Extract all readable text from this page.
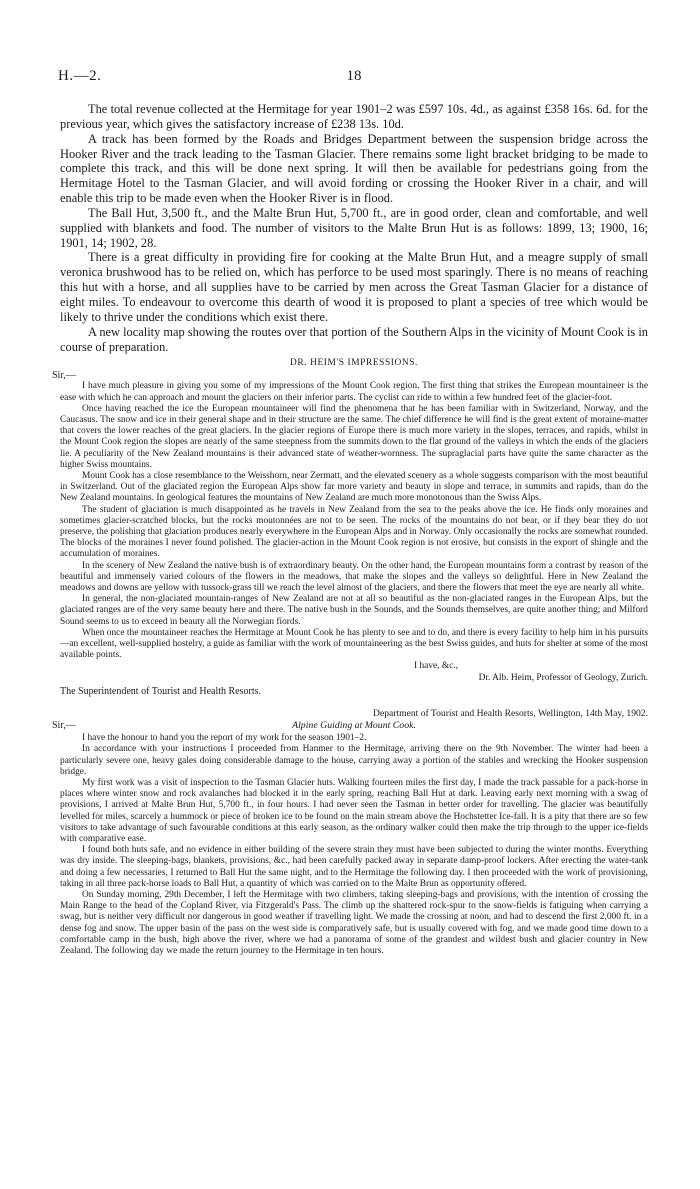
H.—2.	18

The total revenue collected at the Hermitage for year 1901–2 was £597 10s. 4d., as against £358 16s. 6d. for the previous year, which gives the satisfactory increase of £238 13s. 10d.

A track has been formed by the Roads and Bridges Department between the suspension bridge across the Hooker River and the track leading to the Tasman Glacier. There remains some light bracket bridging to be made to complete this track, and this will be done next spring. It will then be available for pedestrians going from the Hermitage Hotel to the Tasman Glacier, and will avoid fording or crossing the Hooker River in a chair, and will enable this trip to be made even when the Hooker River is in flood.

The Ball Hut, 3,500 ft., and the Malte Brun Hut, 5,700 ft., are in good order, clean and comfortable, and well supplied with blankets and food. The number of visitors to the Malte Brun Hut is as follows: 1899, 13; 1900, 16; 1901, 14; 1902, 28.

There is a great difficulty in providing fire for cooking at the Malte Brun Hut, and a meagre supply of small veronica brushwood has to be relied on, which has perforce to be used most sparingly. There is no means of reaching this hut with a horse, and all supplies have to be carried by men across the Great Tasman Glacier for a distance of eight miles. To endeavour to overcome this dearth of wood it is proposed to plant a species of tree which would be likely to thrive under the conditions which exist there.

A new locality map showing the routes over that portion of the Southern Alps in the vicinity of Mount Cook is in course of preparation.

DR. HEIM'S IMPRESSIONS.
Sir,—

I have much pleasure in giving you some of my impressions of the Mount Cook region. The first thing that strikes the European mountaineer is the ease with which he can approach and mount the glaciers on their inferior parts. The cyclist can ride to within a few hundred feet of the glacier-foot.

Once having reached the ice the European mountaineer will find the phenomena that he has been familiar with in Switzerland, Norway, and the Caucasus. The snow and ice in their general shape and in their structure are the same. The chief difference he will find is the great extent of moraine-matter that covers the lower reaches of the great glaciers. In the glacier regions of Europe there is much more variety in the slopes, terraces, and rapids, whilst in the Mount Cook region the slopes are nearly of the same steepness from the summits down to the flat ground of the valleys in which the ends of the glaciers lie. A peculiarity of the New Zealand mountains is their advanced state of weather-wornness. The supraglacial parts have quite the same character as the higher Swiss mountains.

Mount Cook has a close resemblance to the Weisshorn, near Zermatt, and the elevated scenery as a whole suggests comparison with the most beautiful in Switzerland. Out of the glaciated region the European Alps show far more variety and beauty in slope and terrace, in summits and rapids, than do the New Zealand mountains. In geological features the mountains of New Zealand are much more monotonous than the Swiss Alps.

The student of glaciation is much disappointed as he travels in New Zealand from the sea to the peaks above the ice. He finds only moraines and sometimes glacier-scratched blocks, but the rocks moutonnées are not to be seen. The rocks of the mountains do not bear, or if they bear they do not preserve, the polishing that glaciation produces nearly everywhere in the European Alps and in Norway. Only occasionally the rocks are somewhat rounded. The blocks of the moraines I never found polished. The glacier-action in the Mount Cook region is not erosive, but consists in the export of shingle and the accumulation of moraines.

In the scenery of New Zealand the native bush is of extraordinary beauty. On the other hand, the European mountains form a contrast by reason of the beautiful and immensely varied colours of the flowers in the meadows, that make the slopes and the valleys so delightful. Here in New Zealand the meadows and downs are yellow with tussock-grass till we reach the level almost of the glaciers, and there the flowers that meet the eye are nearly all white.

In general, the non-glaciated mountain-ranges of New Zealand are not at all so beautiful as the non-glaciated ranges in the European Alps, but the glaciated ranges are of the very same beauty here and there. The native bush in the Sounds, and the Sounds themselves, are quite another thing; and Milford Sound seems to us to exceed in beauty all the Norwegian fiords.

When once the mountaineer reaches the Hermitage at Mount Cook he has plenty to see and to do, and there is every facility to help him in his pursuits—an excellent, well-supplied hostelry, a guide as familiar with the work of mountaineering as the best Swiss guides, and huts for shelter at some of the most available points.

I have, &c.,
Dr. Alb. Heim, Professor of Geology, Zurich.
The Superintendent of Tourist and Health Resorts.
Department of Tourist and Health Resorts, Wellington, 14th May, 1902.
Sir,—	Alpine Guiding at Mount Cook.

I have the honour to hand you the report of my work for the season 1901–2.

In accordance with your instructions I proceeded from Hanmer to the Hermitage, arriving there on the 9th November. The winter had been a particularly severe one, heavy gales doing considerable damage to the house, carrying away a portion of the stables and wrecking the Hooker suspension bridge.

My first work was a visit of inspection to the Tasman Glacier huts. Walking fourteen miles the first day, I made the track passable for a pack-horse in places where winter snow and rock avalanches had blocked it in the early spring, reaching Ball Hut at dark. Leaving early next morning with a swag of provisions, I arrived at Malte Brun Hut, 5,700 ft., in four hours. I had never seen the Tasman in better order for travelling. The glacier was beautifully levelled for miles, scarcely a hummock or piece of broken ice to be found on the main stream above the Hochstetter Ice-fall. It is a pity that there are so few visitors to take advantage of such favourable conditions at this early season, as the ordinary walker could then make the trip through to the upper ice-fields with comparative ease.

I found both huts safe, and no evidence in either building of the severe strain they must have been subjected to during the winter months. Everything was dry inside. The sleeping-bags, blankets, provisions, &c., had been carefully packed away in separate damp-proof lockers. After erecting the water-tank and doing a few necessaries, I returned to Ball Hut the same night, and to the Hermitage the following day. I then proceeded with the work of provisioning, taking in all three pack-horse loads to Ball Hut, a quantity of which was carried on to the Malte Brun as opportunity offered.

On Sunday morning, 29th December, I left the Hermitage with two climbers, taking sleeping-bags and provisions, with the intention of crossing the Main Range to the head of the Copland River, via Fitzgerald's Pass. The climb up the shattered rock-spur to the snow-fields is fatiguing when carrying a swag, but is neither very difficult nor dangerous in good weather if travelling light. We made the crossing at noon, and had to descend the first 2,000 ft. in a dense fog and snow. The upper basin of the pass on the west side is comparatively safe, but is usually covered with fog, and we made good time down to a comfortable camp in the bush, high above the river, where we had a panorama of some of the grandest and wildest bush and glacier country in New Zealand. The following day we made the return journey to the Hermitage in ten hours.
